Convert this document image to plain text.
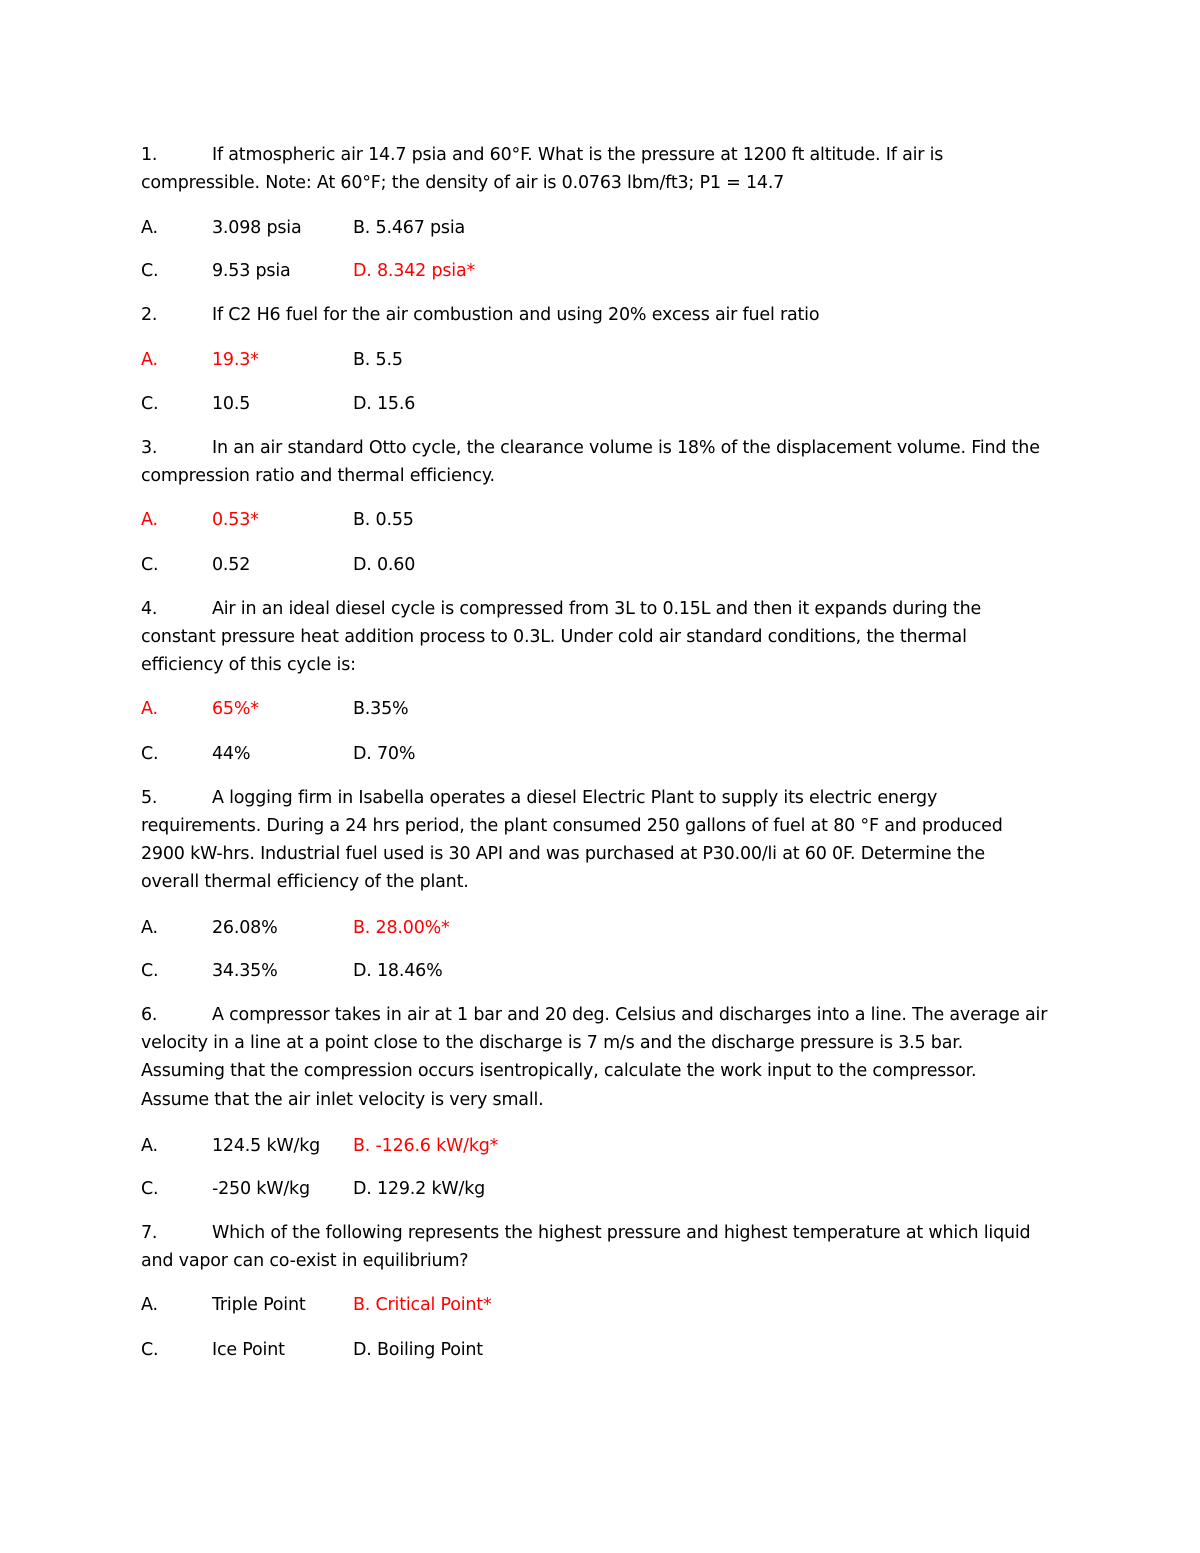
1.	If atmospheric air 14.7 psia and 60°F. What is the pressure at 1200 ft altitude. If air is
compressible. Note: At 60°F; the density of air is 0.0763 lbm/ft3; P1 = 14.7
A.	3.098 psia	B. 5.467 psia
C.	9.53 psia	D. 8.342 psia*
2.	If C2 H6 fuel for the air combustion and using 20% excess air fuel ratio
A.	19.3*	B. 5.5
C.	10.5	D. 15.6
3.	In an air standard Otto cycle, the clearance volume is 18% of the displacement volume. Find the
compression ratio and thermal efficiency.
A.	0.53*	B. 0.55
C.	0.52	D. 0.60
4.	Air in an ideal diesel cycle is compressed from 3L to 0.15L and then it expands during the
constant pressure heat addition process to 0.3L. Under cold air standard conditions, the thermal
efficiency of this cycle is:
A.	65%*	B.35%
C.	44%	D. 70%
5.	A logging firm in Isabella operates a diesel Electric Plant to supply its electric energy
requirements. During a 24 hrs period, the plant consumed 250 gallons of fuel at 80 °F and produced
2900 kW-hrs. Industrial fuel used is 30 API and was purchased at P30.00/li at 60 0F. Determine the
overall thermal efficiency of the plant.
A.	26.08%	B. 28.00%*
C.	34.35%	D. 18.46%
6.	A compressor takes in air at 1 bar and 20 deg. Celsius and discharges into a line. The average air
velocity in a line at a point close to the discharge is 7 m/s and the discharge pressure is 3.5 bar.
Assuming that the compression occurs isentropically, calculate the work input to the compressor.
Assume that the air inlet velocity is very small.
A.	124.5 kW/kg B. -126.6 kW/kg*
C.	-250 kW/kg D. 129.2 kW/kg
7.	Which of the following represents the highest pressure and highest temperature at which liquid
and vapor can co-exist in equilibrium?
A.	Triple Point	B. Critical Point*
C.	Ice Point	D. Boiling Point
